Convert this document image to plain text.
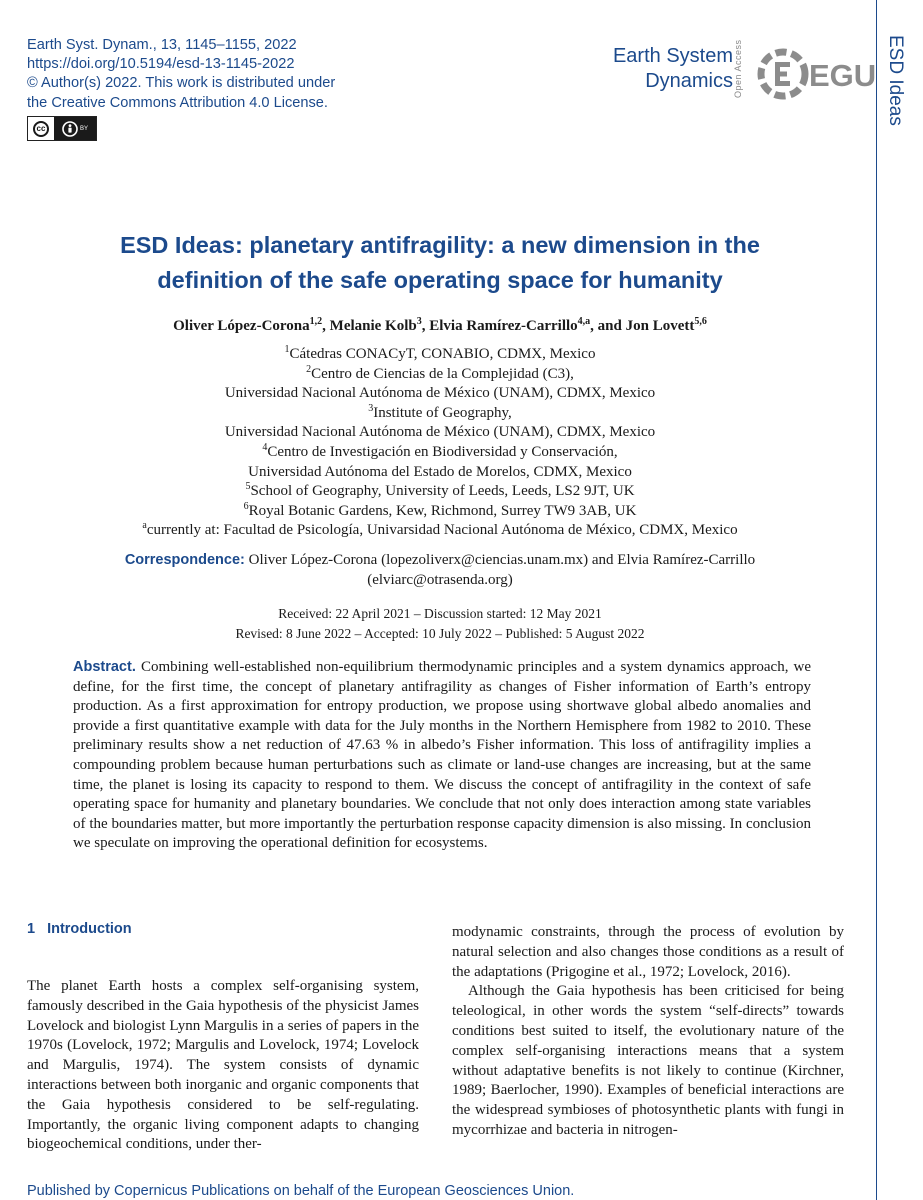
Earth Syst. Dynam., 13, 1145–1155, 2022
https://doi.org/10.5194/esd-13-1145-2022
© Author(s) 2022. This work is distributed under
the Creative Commons Attribution 4.0 License.
cc	BY
Earth System
Dynamics Open Access EGU ESD Ideas
ESD Ideas: planetary antifragility: a new dimension in the
definition of the safe operating space for humanity
Oliver López-Corona$^{1,2}$, Melanie Kolb$^3$, Elvia Ramírez-Carrillo$^{4,a}$, and Jon Lovett$^{5,6}$
$^1$Cátedras CONACyT, CONABIO, CDMX, Mexico
$^2$Centro de Ciencias de la Complejidad (C3),
Universidad Nacional Autónoma de México (UNAM), CDMX, Mexico
$^3$Institute of Geography,
Universidad Nacional Autónoma de México (UNAM), CDMX, Mexico
$^4$Centro de Investigación en Biodiversidad y Conservación,
Universidad Autónoma del Estado de Morelos, CDMX, Mexico
$^5$School of Geography, University of Leeds, Leeds, LS2 9JT, UK
$^6$Royal Botanic Gardens, Kew, Richmond, Surrey TW9 3AB, UK
$^a$currently at: Facultad de Psicología, Univarsidad Nacional Autónoma de México, CDMX, Mexico
Correspondence: Oliver López-Corona (lopezoliverx@ciencias.unam.mx) and Elvia Ramírez-Carrillo
(elviarc@otrasenda.org)
Received: 22 April 2021 – Discussion started: 12 May 2021
Revised: 8 June 2022 – Accepted: 10 July 2022 – Published: 5 August 2022
Abstract. Combining well-established non-equilibrium thermodynamic principles and a system dynamics approach, we define, for the first time, the concept of planetary antifragility as changes of Fisher information of Earth’s entropy production. As a first approximation for entropy production, we propose using shortwave global albedo anomalies and provide a first quantitative example with data for the July months in the Northern Hemisphere from 1982 to 2010. These preliminary results show a net reduction of 47.63 % in albedo’s Fisher information. This loss of antifragility implies a compounding problem because human perturbations such as climate or land-use changes are increasing, but at the same time, the planet is losing its capacity to respond to them. We discuss the concept of antifragility in the context of safe operating space for humanity and planetary boundaries. We conclude that not only does interaction among state variables of the boundaries matter, but more importantly the perturbation response capacity dimension is also missing. In conclusion we speculate on improving the operational definition for ecosystems.
1 Introduction

The planet Earth hosts a complex self-organising system, famously described in the Gaia hypothesis of the physicist James Lovelock and biologist Lynn Margulis in a series of papers in the 1970s (Lovelock, 1972; Margulis and Lovelock, 1974; Lovelock and Margulis, 1974). The system consists of dynamic interactions between both inorganic and organic components that the Gaia hypothesis considered to be self-regulating. Importantly, the organic living component adapts to changing biogeochemical conditions, under ther-

modynamic constraints, through the process of evolution by natural selection and also changes those conditions as a result of the adaptations (Prigogine et al., 1972; Lovelock, 2016).

Although the Gaia hypothesis has been criticised for being teleological, in other words the system “self-directs” towards conditions best suited to itself, the evolutionary nature of the complex self-organising interactions means that a system without adaptative benefits is not likely to continue (Kirchner, 1989; Baerlocher, 1990). Examples of beneficial interactions are the widespread symbioses of photosynthetic plants with fungi in mycorrhizae and bacteria in nitrogen-

Published by Copernicus Publications on behalf of the European Geosciences Union.
